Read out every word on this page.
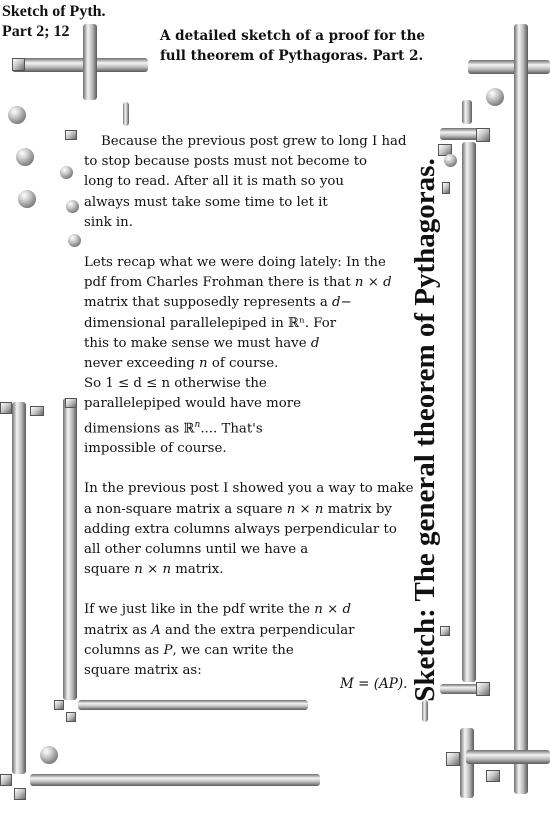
Sketch of Pyth.
Part 2; 12	A detailed sketch of a proof for the
full theorem of Pythagoras. Part 2.
Sketch: The general theorem of Pythagoras.

Because the previous post grew to long I had
to stop because posts must not become to
long to read. After all it is math so you
always must take some time to let it
sink in.

Lets recap what we were doing lately: In the
pdf from Charles Frohman there is that n × d
matrix that supposedly represents a d−
dimensional parallelepiped in ℝⁿ. For
this to make sense we must have d
never exceeding n of course.
So 1 ≤ d ≤ n otherwise the
parallelepiped would have more
dimensions as ℝ$^n$.... That's
impossible of course.

In the previous post I showed you a way to make
a non-square matrix a square n × n matrix by
adding extra columns always perpendicular to
all other columns until we have a
square n × n matrix.

If we just like in the pdf write the n × d
matrix as A and the extra perpendicular
columns as P, we can write the
square matrix as:

M = (AP).
